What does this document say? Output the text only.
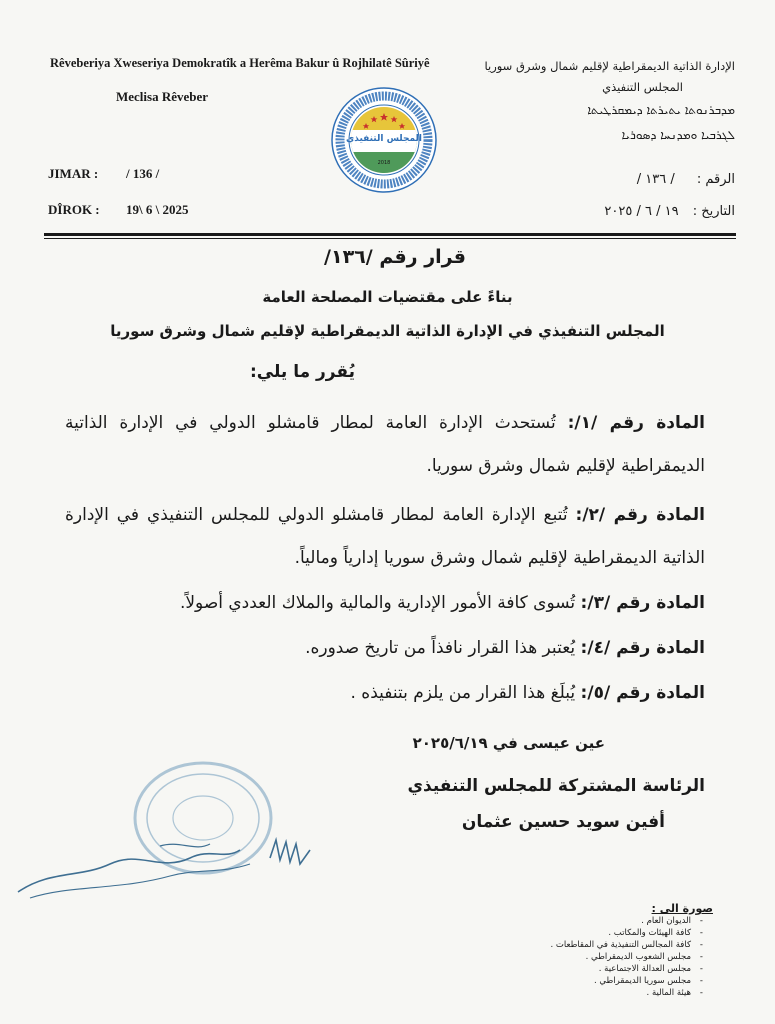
Rêveberiya Xweseriya Demokratîk a Herêma Bakur û Rojhilatê Sûriyê
Meclisa Rêveber
الإدارة الذاتية الديمقراطية لإقليم شمال وشرق سوريا
المجلس التنفيذي
ܡܕܒܪܢܘܬܐ ܝܬܝܪܬܐ ܕܝܡܩܪܛܝܬܐ
ܠܓܪܒܝܐ ܘܡܕܢܚܐ ܕܣܘܪܝܐ
المجلس التنفيذي
2018
JIMAR : / 136 /
DÎROK : 19\ 6 \ 2025
الرقم : / ١٣٦ /
التاريخ : ١٩ / ٦ / ٢٠٢٥
قرار رقم /١٣٦/
بناءً على مقتضيات المصلحة العامة
المجلس التنفيذي في الإدارة الذاتية الديمقراطية لإقليم شمال وشرق سوريا
يُقرر ما يلي:
المادة رقم /١/: تُستحدث الإدارة العامة لمطار قامشلو الدولي في الإدارة الذاتية الديمقراطية لإقليم شمال وشرق سوريا.
المادة رقم /٢/: تُتبع الإدارة العامة لمطار قامشلو الدولي للمجلس التنفيذي في الإدارة الذاتية الديمقراطية لإقليم شمال وشرق سوريا إدارياً ومالياً.
المادة رقم /٣/: تُسوى كافة الأمور الإدارية والمالية والملاك العددي أصولاً.
المادة رقم /٤/: يُعتبر هذا القرار نافذاً من تاريخ صدوره.
المادة رقم /٥/: يُبلَغ هذا القرار من يلزم بتنفيذه .
عين عيسى في ٢٠٢٥/٦/١٩
الرئاسة المشتركة للمجلس التنفيذي
أفين سويد حسين عثمان
صورة الى :
- الديوان العام .
- كافة الهيئات والمكاتب .
- كافة المجالس التنفيذية في المقاطعات .
- مجلس الشعوب الديمقراطي .
- مجلس العدالة الاجتماعية .
- مجلس سوريا الديمقراطي .
- هيئة المالية .
